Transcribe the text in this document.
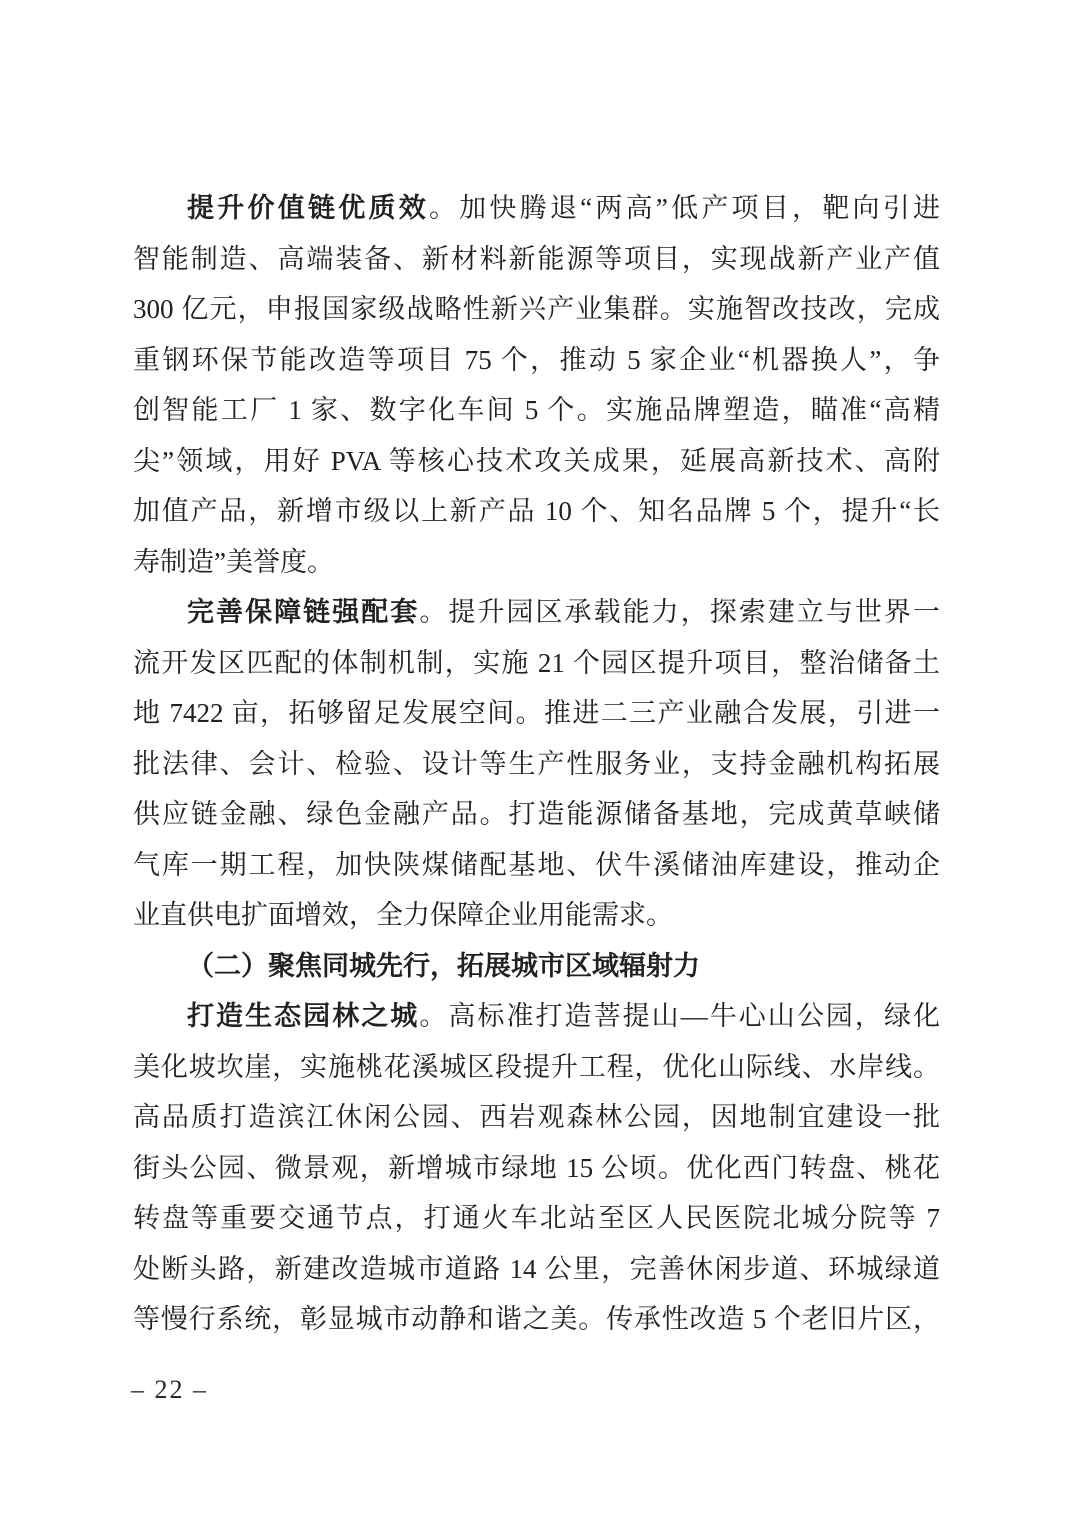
提升价值链优质效。加快腾退“两高”低产项目，靶向引进
智能制造、高端装备、新材料新能源等项目，实现战新产业产值
300 亿元，申报国家级战略性新兴产业集群。实施智改技改，完成
重钢环保节能改造等项目 75 个，推动 5 家企业“机器换人”，争
创智能工厂 1 家、数字化车间 5 个。实施品牌塑造，瞄准“高精
尖”领域，用好 PVA 等核心技术攻关成果，延展高新技术、高附
加值产品，新增市级以上新产品 10 个、知名品牌 5 个，提升“长
寿制造”美誉度。
完善保障链强配套。提升园区承载能力，探索建立与世界一
流开发区匹配的体制机制，实施 21 个园区提升项目，整治储备土
地 7422 亩，拓够留足发展空间。推进二三产业融合发展，引进一
批法律、会计、检验、设计等生产性服务业，支持金融机构拓展
供应链金融、绿色金融产品。打造能源储备基地，完成黄草峡储
气库一期工程，加快陕煤储配基地、伏牛溪储油库建设，推动企
业直供电扩面增效，全力保障企业用能需求。
（二）聚焦同城先行，拓展城市区域辐射力
打造生态园林之城。高标准打造菩提山—牛心山公园，绿化
美化坡坎崖，实施桃花溪城区段提升工程，优化山际线、水岸线。
高品质打造滨江休闲公园、西岩观森林公园，因地制宜建设一批
街头公园、微景观，新增城市绿地 15 公顷。优化西门转盘、桃花
转盘等重要交通节点，打通火车北站至区人民医院北城分院等 7
处断头路，新建改造城市道路 14 公里，完善休闲步道、环城绿道
等慢行系统，彰显城市动静和谐之美。传承性改造 5 个老旧片区，
– 22 –
